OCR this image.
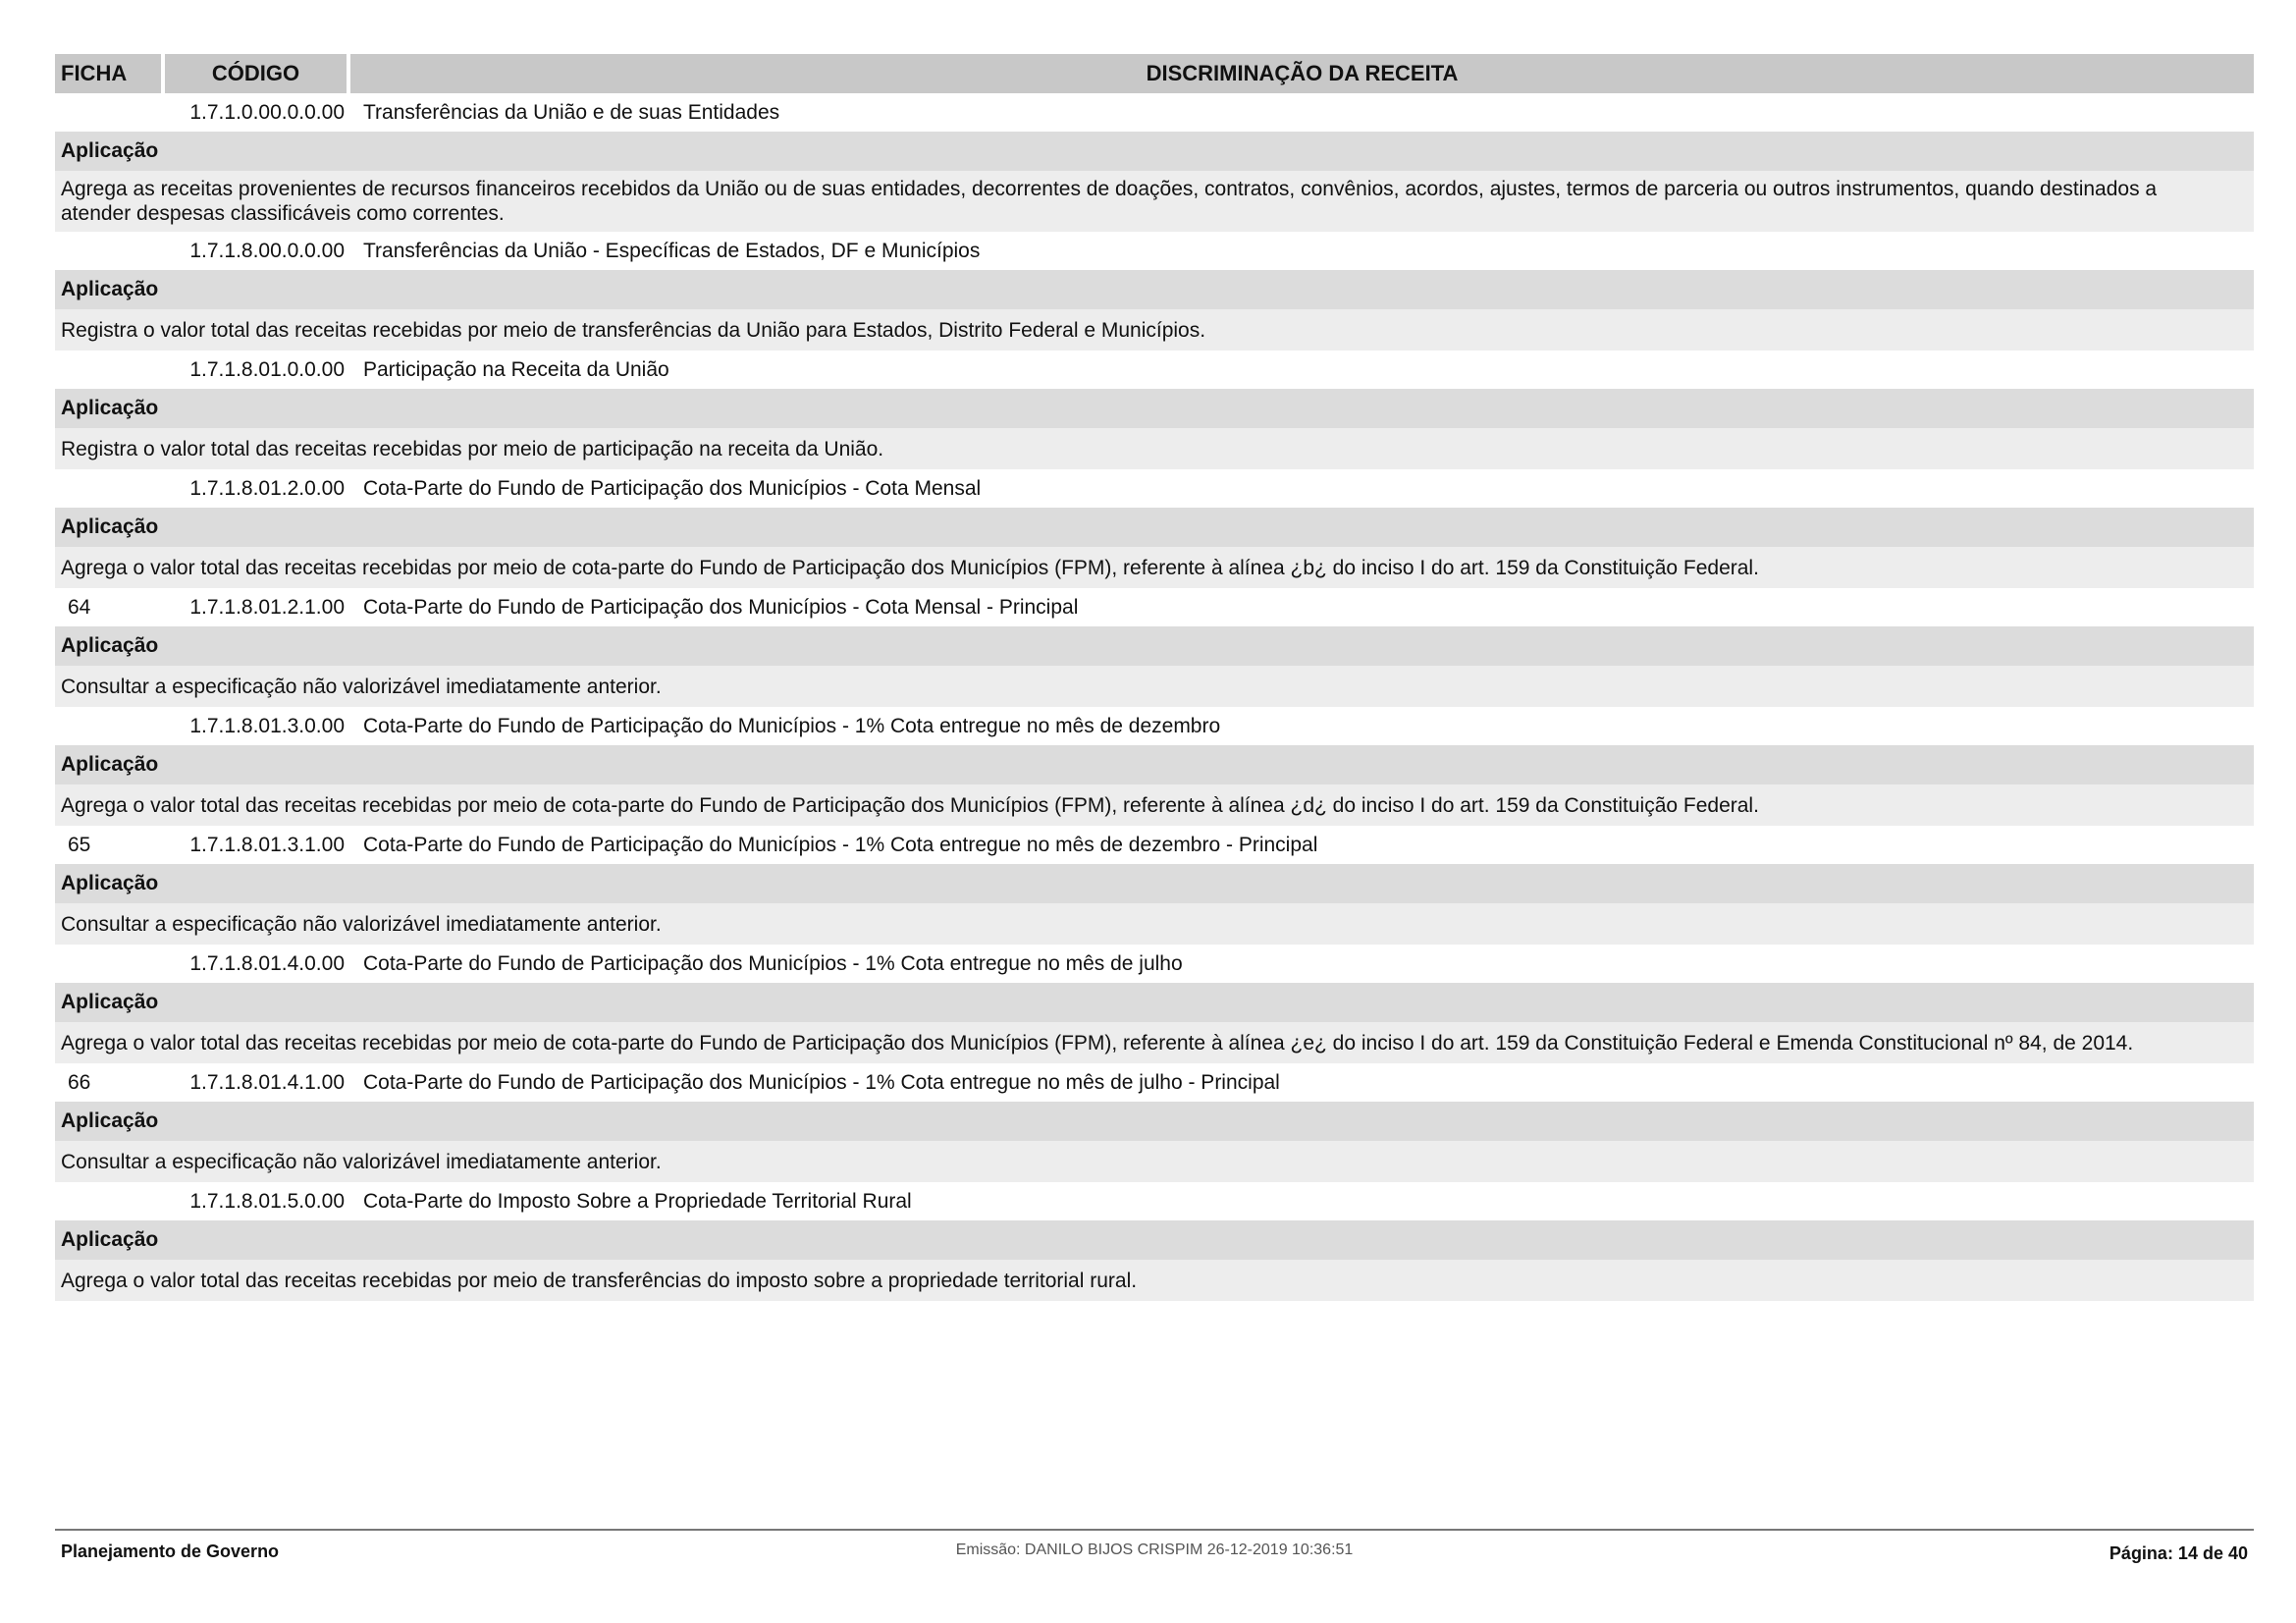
FICHA	CÓDIGO	DISCRIMINAÇÃO DA RECEITA
1.7.1.0.00.0.0.00 Transferências da União e de suas Entidades
Aplicação
Agrega as receitas provenientes de recursos financeiros recebidos da União ou de suas entidades, decorrentes de doações, contratos, convênios, acordos, ajustes, termos de parceria ou outros instrumentos, quando destinados a atender despesas classificáveis como correntes.
1.7.1.8.00.0.0.00 Transferências da União - Específicas de Estados, DF e Municípios
Aplicação
Registra o valor total das receitas recebidas por meio de transferências da União para Estados, Distrito Federal e Municípios.
1.7.1.8.01.0.0.00 Participação na Receita da União
Aplicação
Registra o valor total das receitas recebidas por meio de participação na receita da União.
1.7.1.8.01.2.0.00 Cota-Parte do Fundo de Participação dos Municípios - Cota Mensal
Aplicação
Agrega o valor total das receitas recebidas por meio de cota-parte do Fundo de Participação dos Municípios (FPM), referente à alínea ¿b¿ do inciso I do art. 159 da Constituição Federal.
64	1.7.1.8.01.2.1.00 Cota-Parte do Fundo de Participação dos Municípios - Cota Mensal - Principal
Aplicação
Consultar a especificação não valorizável imediatamente anterior.
1.7.1.8.01.3.0.00 Cota-Parte do Fundo de Participação do Municípios - 1% Cota entregue no mês de dezembro
Aplicação
Agrega o valor total das receitas recebidas por meio de cota-parte do Fundo de Participação dos Municípios (FPM), referente à alínea ¿d¿ do inciso I do art. 159 da Constituição Federal.
65	1.7.1.8.01.3.1.00 Cota-Parte do Fundo de Participação do Municípios - 1% Cota entregue no mês de dezembro - Principal
Aplicação
Consultar a especificação não valorizável imediatamente anterior.
1.7.1.8.01.4.0.00 Cota-Parte do Fundo de Participação dos Municípios - 1% Cota entregue no mês de julho
Aplicação
Agrega o valor total das receitas recebidas por meio de cota-parte do Fundo de Participação dos Municípios (FPM), referente à alínea ¿e¿ do inciso I do art. 159 da Constituição Federal e Emenda Constitucional nº 84, de 2014.
66	1.7.1.8.01.4.1.00 Cota-Parte do Fundo de Participação dos Municípios - 1% Cota entregue no mês de julho - Principal
Aplicação
Consultar a especificação não valorizável imediatamente anterior.
1.7.1.8.01.5.0.00 Cota-Parte do Imposto Sobre a Propriedade Territorial Rural
Aplicação
Agrega o valor total das receitas recebidas por meio de transferências do imposto sobre a propriedade territorial rural.
Planejamento de Governo	Emissão: DANILO BIJOS CRISPIM 26-12-2019 10:36:51	Página: 14 de 40
